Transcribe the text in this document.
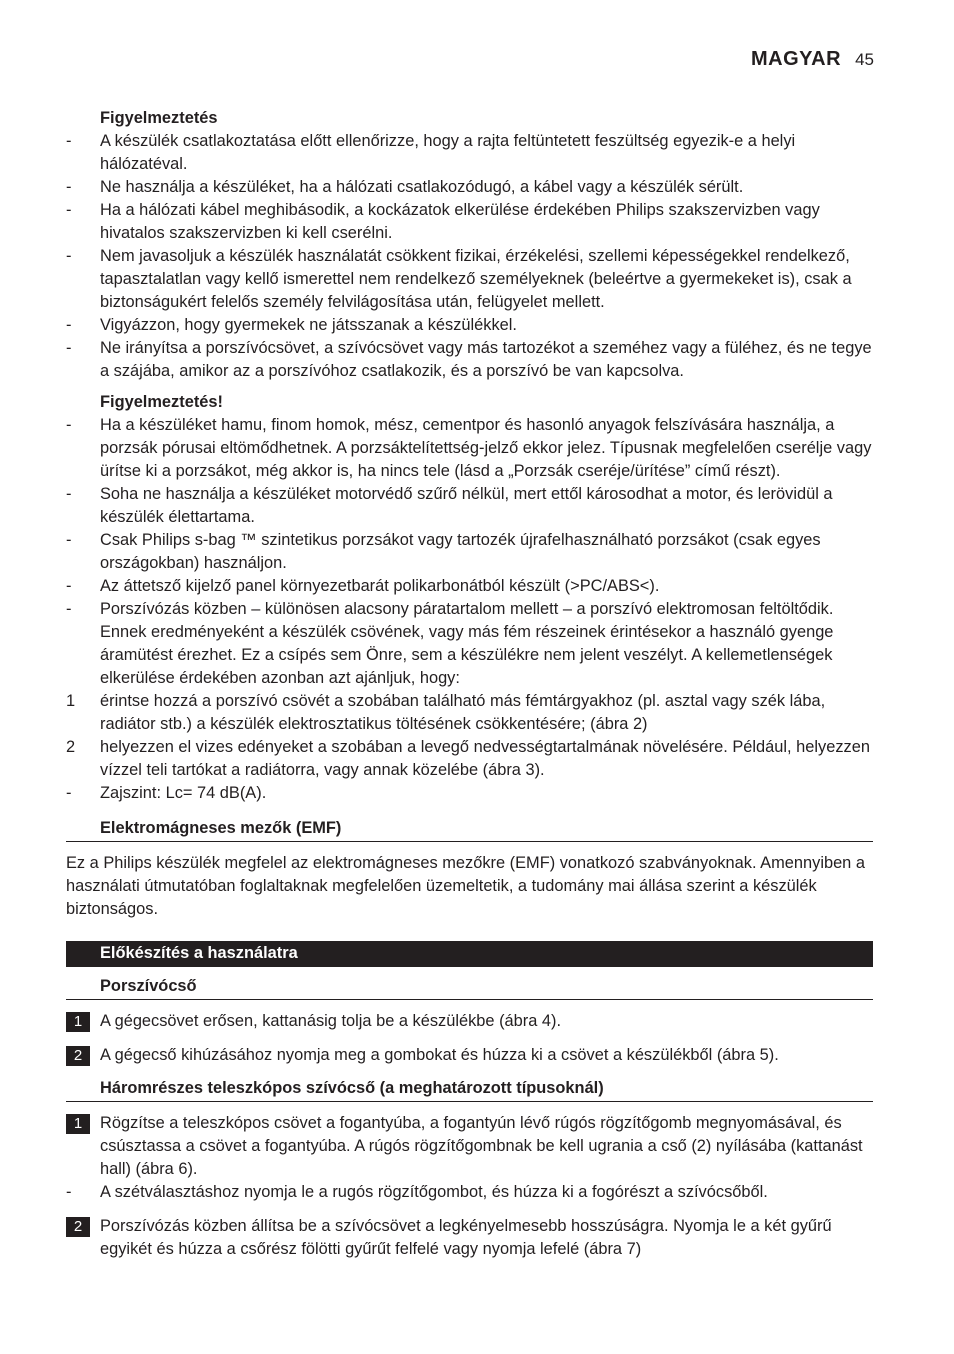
MAGYAR 45
Figyelmeztetés
-	A készülék csatlakoztatása előtt ellenőrizze, hogy a rajta feltüntetett feszültség egyezik-e a helyi hálózatéval.
-	Ne használja a készüléket, ha a hálózati csatlakozódugó, a kábel vagy a készülék sérült.
-	Ha a hálózati kábel meghibásodik, a kockázatok elkerülése érdekében Philips szakszervizben vagy hivatalos szakszervizben ki kell cserélni.
-	Nem javasoljuk a készülék használatát csökkent fizikai, érzékelési, szellemi képességekkel rendelkező, tapasztalatlan vagy kellő ismerettel nem rendelkező személyeknek (beleértve a gyermekeket is), csak a biztonságukért felelős személy felvilágosítása után, felügyelet mellett.
-	Vigyázzon, hogy gyermekek ne játsszanak a készülékkel.
-	Ne irányítsa a porszívócsövet, a szívócsövet vagy más tartozékot a szeméhez vagy a füléhez, és ne tegye a szájába, amikor az a porszívóhoz csatlakozik, és a porszívó be van kapcsolva.
Figyelmeztetés!
-	Ha a készüléket hamu, finom homok, mész, cementpor és hasonló anyagok felszívására használja, a porzsák pórusai eltömődhetnek. A porzsáktelítettség-jelző ekkor jelez. Típusnak megfelelően cserélje vagy ürítse ki a porzsákot, még akkor is, ha nincs tele (lásd a „Porzsák cseréje/ürítése” című részt).
-	Soha ne használja a készüléket motorvédő szűrő nélkül, mert ettől károsodhat a motor, és lerövidül a készülék élettartama.
-	Csak Philips s-bag ™ szintetikus porzsákot vagy tartozék újrafelhasználható porzsákot (csak egyes országokban) használjon.
-	Az áttetsző kijelző panel környezetbarát polikarbonátból készült (>PC/ABS<).
-	Porszívózás közben – különösen alacsony páratartalom mellett – a porszívó elektromosan feltöltődik. Ennek eredményeként a készülék csövének, vagy más fém részeinek érintésekor a használó gyenge áramütést érezhet. Ez a csípés sem Önre, sem a készülékre nem jelent veszélyt. A kellemetlenségek elkerülése érdekében azonban azt ajánljuk, hogy:
1	érintse hozzá a porszívó csövét a szobában található más fémtárgyakhoz (pl. asztal vagy szék lába, radiátor stb.) a készülék elektrosztatikus töltésének csökkentésére; (ábra 2)
2	helyezzen el vizes edényeket a szobában a levegő nedvességtartalmának növelésére. Például, helyezzen vízzel teli tartókat a radiátorra, vagy annak közelébe (ábra 3).
-	Zajszint: Lc= 74 dB(A).
Elektromágneses mezők (EMF)

Ez a Philips készülék megfelel az elektromágneses mezőkre (EMF) vonatkozó szabványoknak. Amennyiben a használati útmutatóban foglaltaknak megfelelően üzemeltetik, a tudomány mai állása szerint a készülék biztonságos.

Előkészítés a használatra
Porszívócső
1	A gégecsövet erősen, kattanásig tolja be a készülékbe (ábra 4).
2	A gégecső kihúzásához nyomja meg a gombokat és húzza ki a csövet a készülékből (ábra 5).
Háromrészes teleszkópos szívócső (a meghatározott típusoknál)
1	Rögzítse a teleszkópos csövet a fogantyúba, a fogantyún lévő rúgós rögzítőgomb megnyomásával, és csúsztassa a csövet a fogantyúba. A rúgós rögzítőgombnak be kell ugrania a cső (2) nyílásába (kattanást hall) (ábra 6).
-	A szétválasztáshoz nyomja le a rugós rögzítőgombot, és húzza ki a fogórészt a szívócsőből.
2	Porszívózás közben állítsa be a szívócsövet a legkényelmesebb hosszúságra. Nyomja le a két gyűrű egyikét és húzza a csőrész fölötti gyűrűt felfelé vagy nyomja lefelé (ábra 7)
